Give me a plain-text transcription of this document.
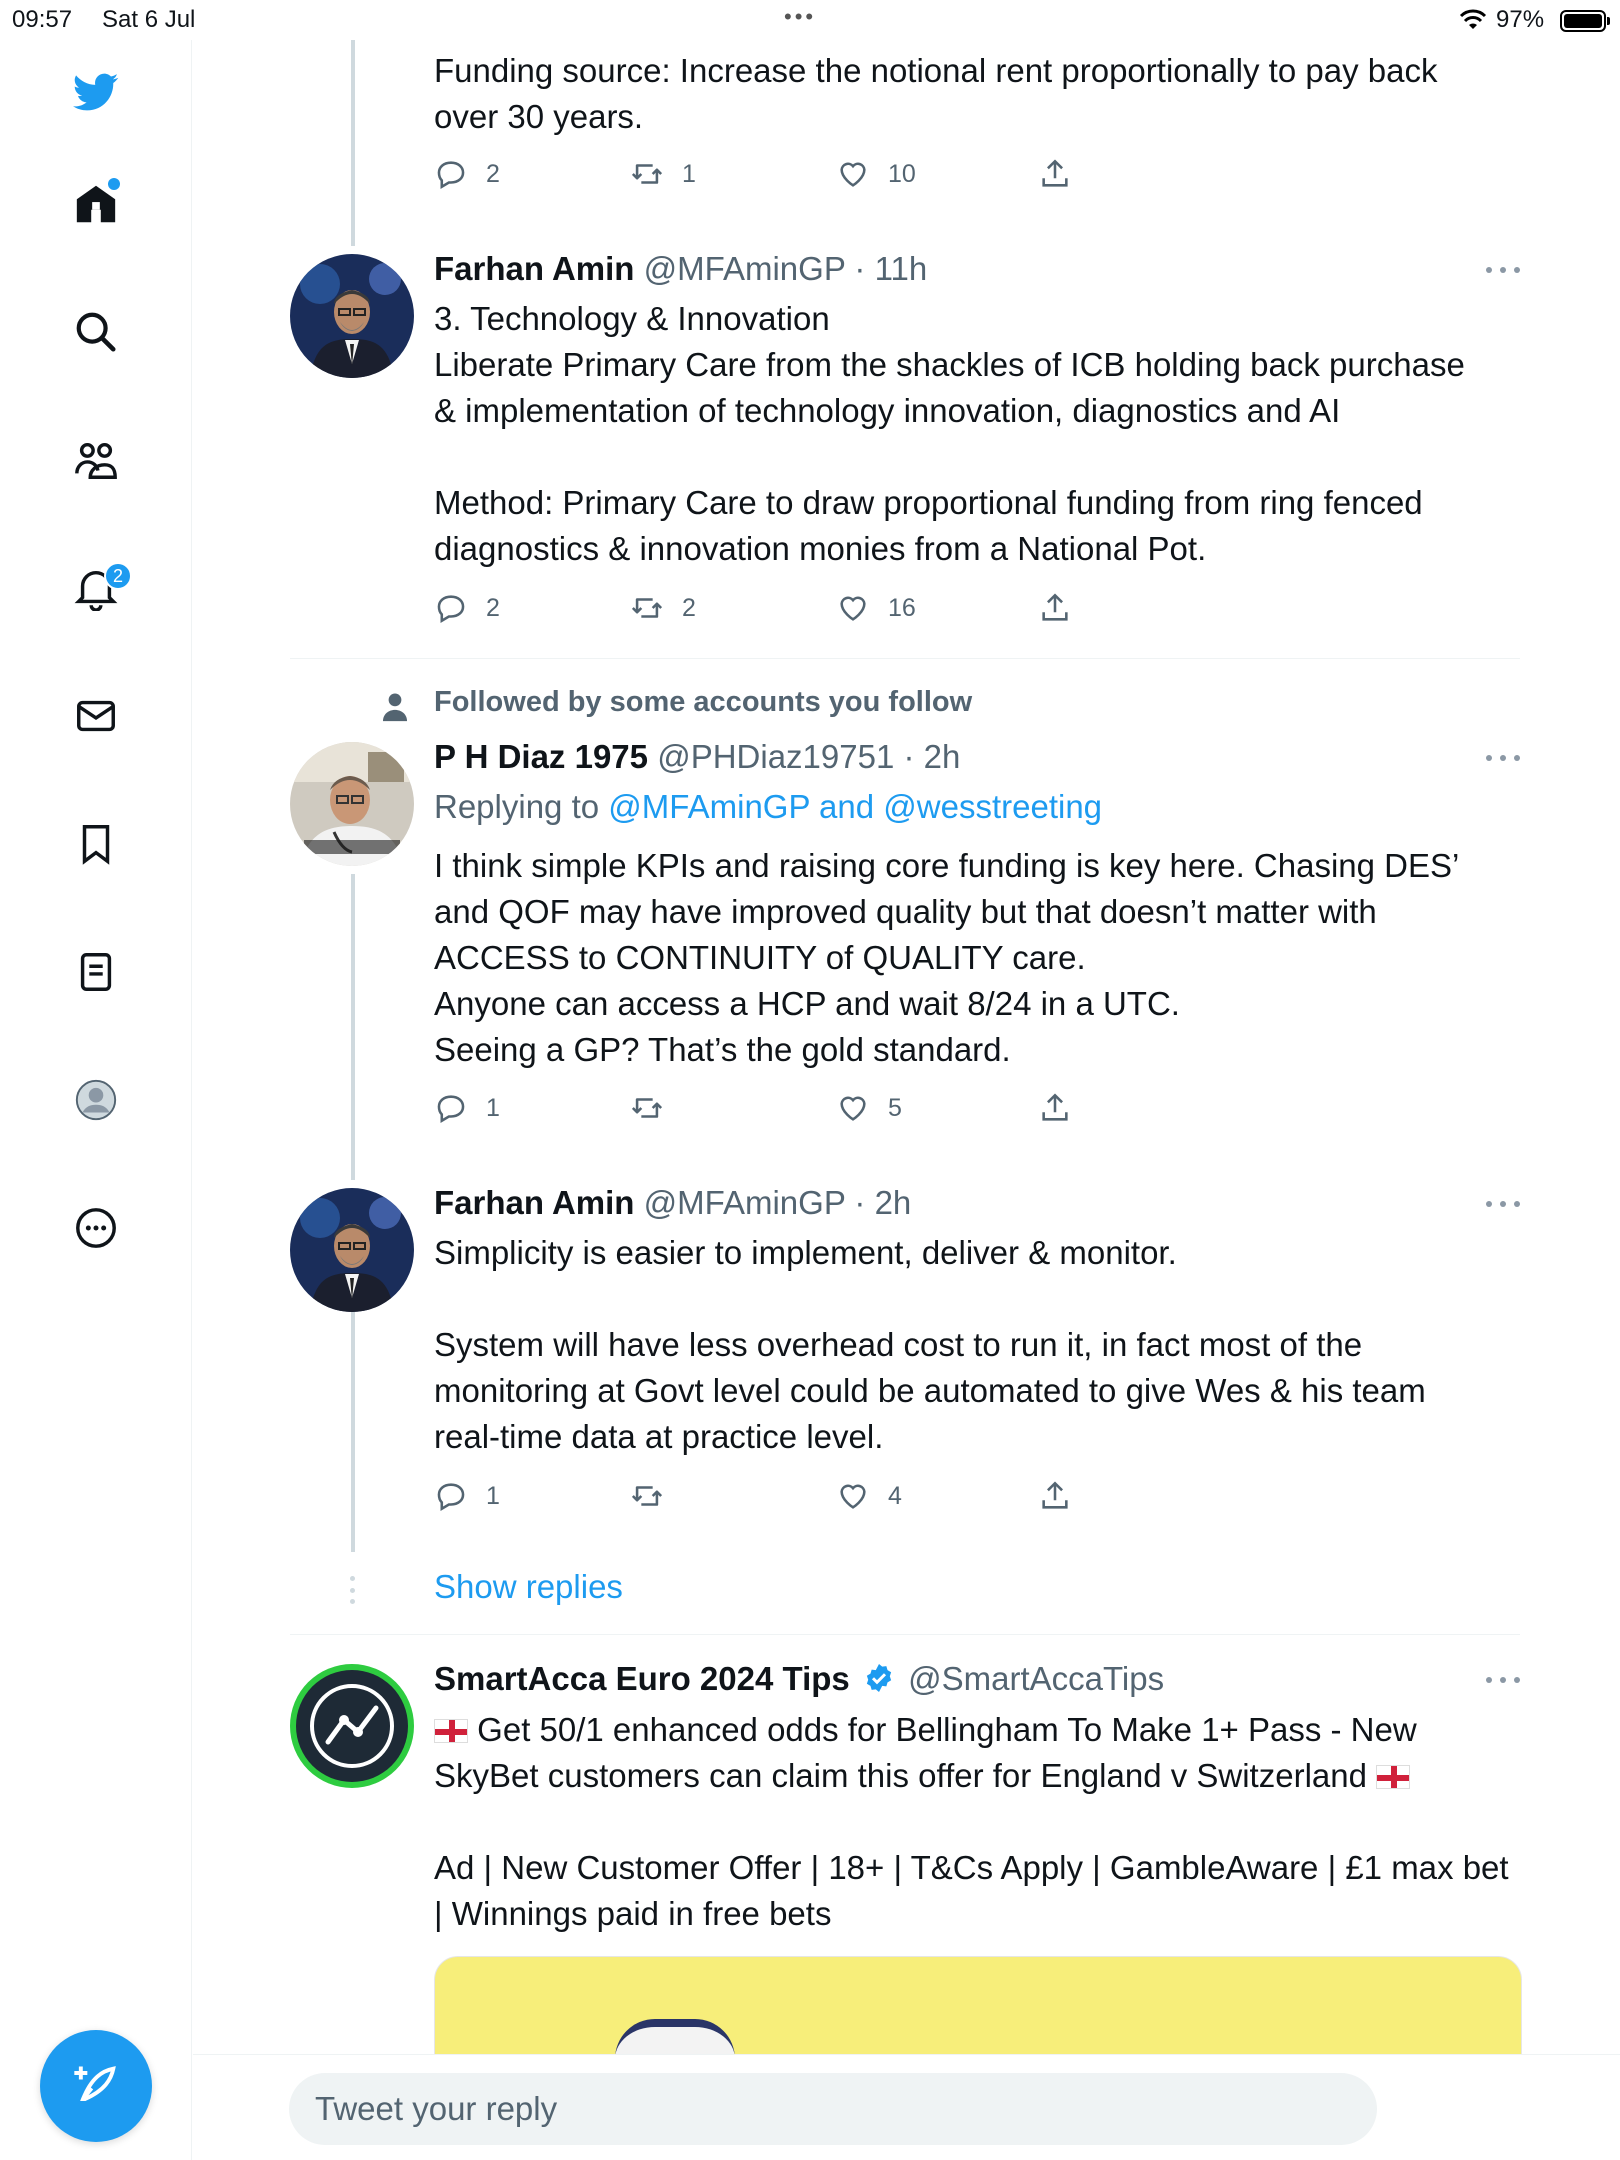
09:57 Sat 6 Jul	•••	97%
2
Funding source: Increase the notional rent proportionally to pay back
over 30 years.
2	1	10
Farhan Amin @MFAminGP · 11h
3. Technology & Innovation
Liberate Primary Care from the shackles of ICB holding back purchase
& implementation of technology innovation, diagnostics and AI

Method: Primary Care to draw proportional funding from ring fenced
diagnostics & innovation monies from a National Pot.
2	2	16
Followed by some accounts you follow
P H Diaz 1975 @PHDiaz19751 · 2h
Replying to @MFAminGP and @wesstreeting
I think simple KPIs and raising core funding is key here. Chasing DES’
and QOF may have improved quality but that doesn’t matter with
ACCESS to CONTINUITY of QUALITY care.
Anyone can access a HCP and wait 8/24 in a UTC.
Seeing a GP? That’s the gold standard.
1	5
Farhan Amin @MFAminGP · 2h
Simplicity is easier to implement, deliver & monitor.

System will have less overhead cost to run it, in fact most of the
monitoring at Govt level could be automated to give Wes & his team
real-time data at practice level.
1	4
Show replies
SmartAcca Euro 2024 Tips @SmartAccaTips
Get 50/1 enhanced odds for Bellingham To Make 1+ Pass - New
SkyBet customers can claim this offer for England v Switzerland

Ad | New Customer Offer | 18+ | T&Cs Apply | GambleAware | £1 max bet
| Winnings paid in free bets
Tweet your reply
